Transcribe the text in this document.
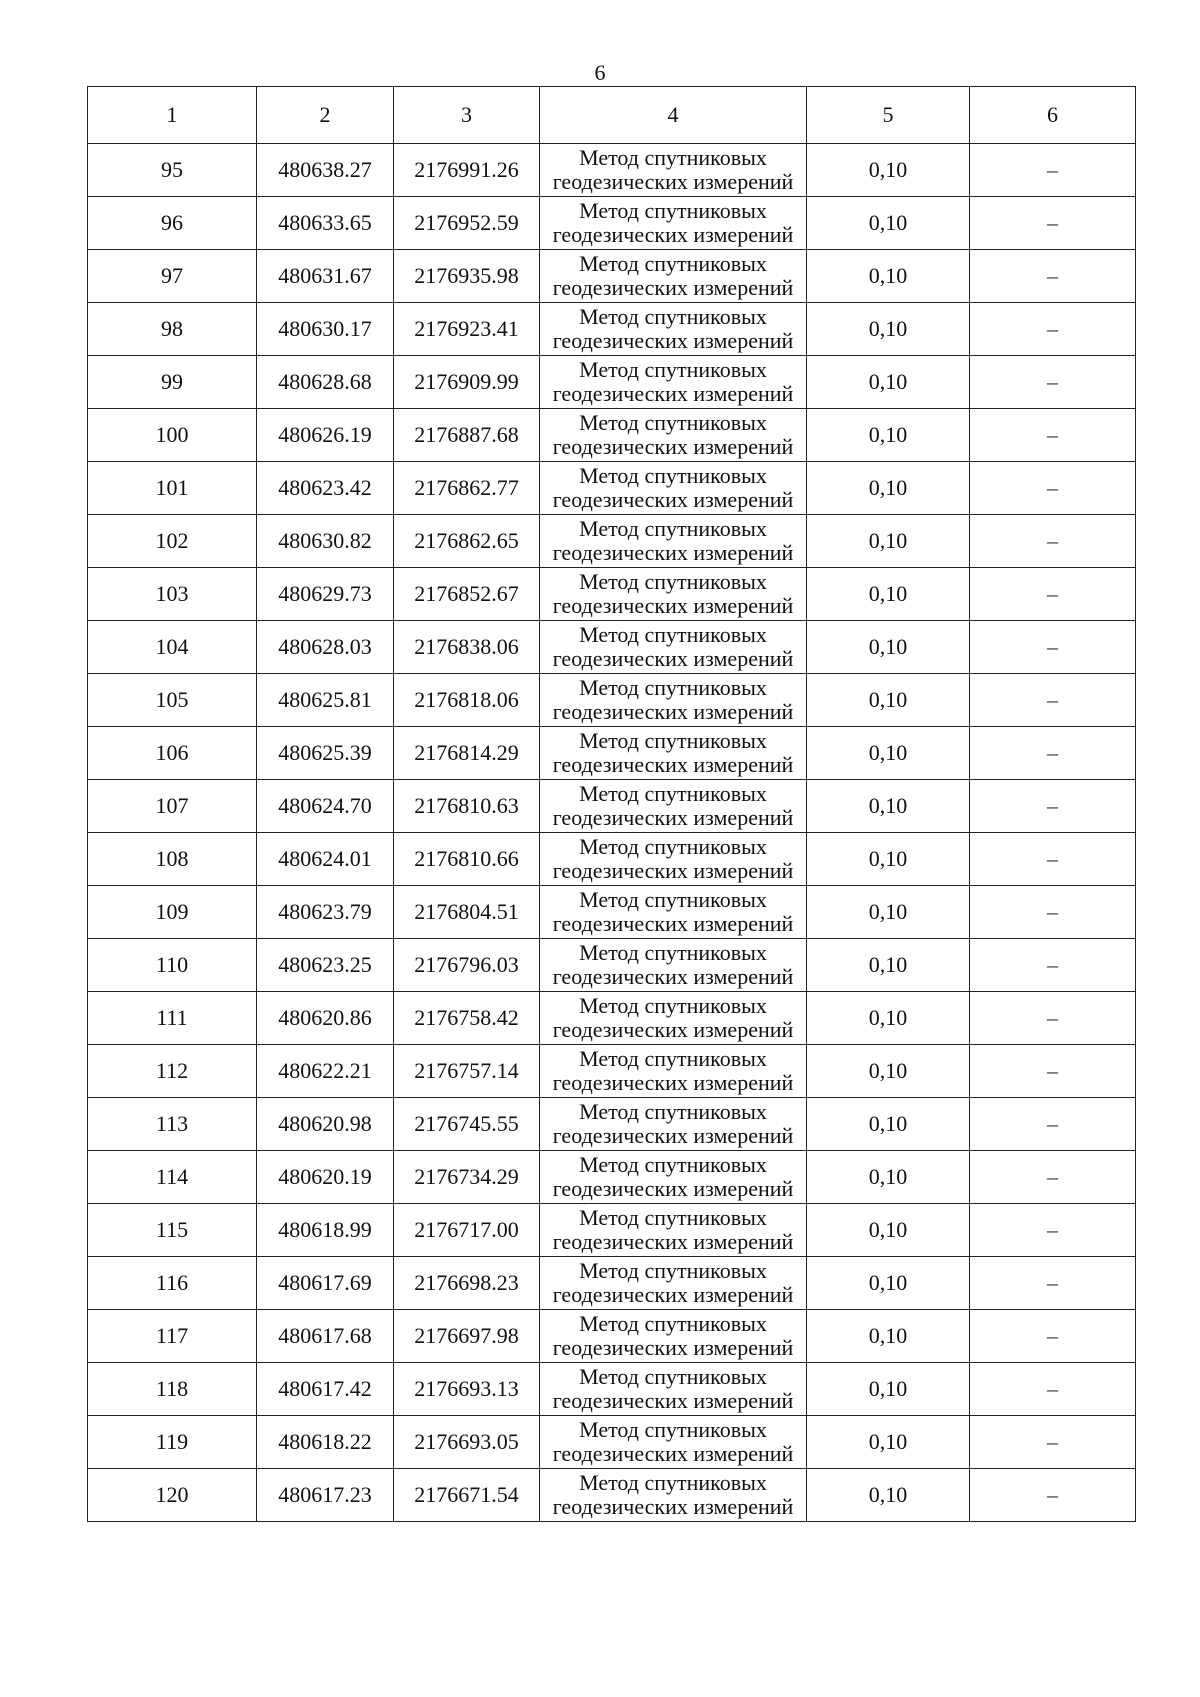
6
1	2	3	4	5	6
95	480638.27	2176991.26	Метод спутниковых
геодезических измерений	0,10	–
96	480633.65	2176952.59	Метод спутниковых
геодезических измерений	0,10	–
97	480631.67	2176935.98	Метод спутниковых
геодезических измерений	0,10	–
98	480630.17	2176923.41	Метод спутниковых
геодезических измерений	0,10	–
99	480628.68	2176909.99	Метод спутниковых
геодезических измерений	0,10	–
100	480626.19	2176887.68	Метод спутниковых
геодезических измерений	0,10	–
101	480623.42	2176862.77	Метод спутниковых
геодезических измерений	0,10	–
102	480630.82	2176862.65	Метод спутниковых
геодезических измерений	0,10	–
103	480629.73	2176852.67	Метод спутниковых
геодезических измерений	0,10	–
104	480628.03	2176838.06	Метод спутниковых
геодезических измерений	0,10	–
105	480625.81	2176818.06	Метод спутниковых
геодезических измерений	0,10	–
106	480625.39	2176814.29	Метод спутниковых
геодезических измерений	0,10	–
107	480624.70	2176810.63	Метод спутниковых
геодезических измерений	0,10	–
108	480624.01	2176810.66	Метод спутниковых
геодезических измерений	0,10	–
109	480623.79	2176804.51	Метод спутниковых
геодезических измерений	0,10	–
110	480623.25	2176796.03	Метод спутниковых
геодезических измерений	0,10	–
111	480620.86	2176758.42	Метод спутниковых
геодезических измерений	0,10	–
112	480622.21	2176757.14	Метод спутниковых
геодезических измерений	0,10	–
113	480620.98	2176745.55	Метод спутниковых
геодезических измерений	0,10	–
114	480620.19	2176734.29	Метод спутниковых
геодезических измерений	0,10	–
115	480618.99	2176717.00	Метод спутниковых
геодезических измерений	0,10	–
116	480617.69	2176698.23	Метод спутниковых
геодезических измерений	0,10	–
117	480617.68	2176697.98	Метод спутниковых
геодезических измерений	0,10	–
118	480617.42	2176693.13	Метод спутниковых
геодезических измерений	0,10	–
119	480618.22	2176693.05	Метод спутниковых
геодезических измерений	0,10	–
120	480617.23	2176671.54	Метод спутниковых
геодезических измерений	0,10	–
